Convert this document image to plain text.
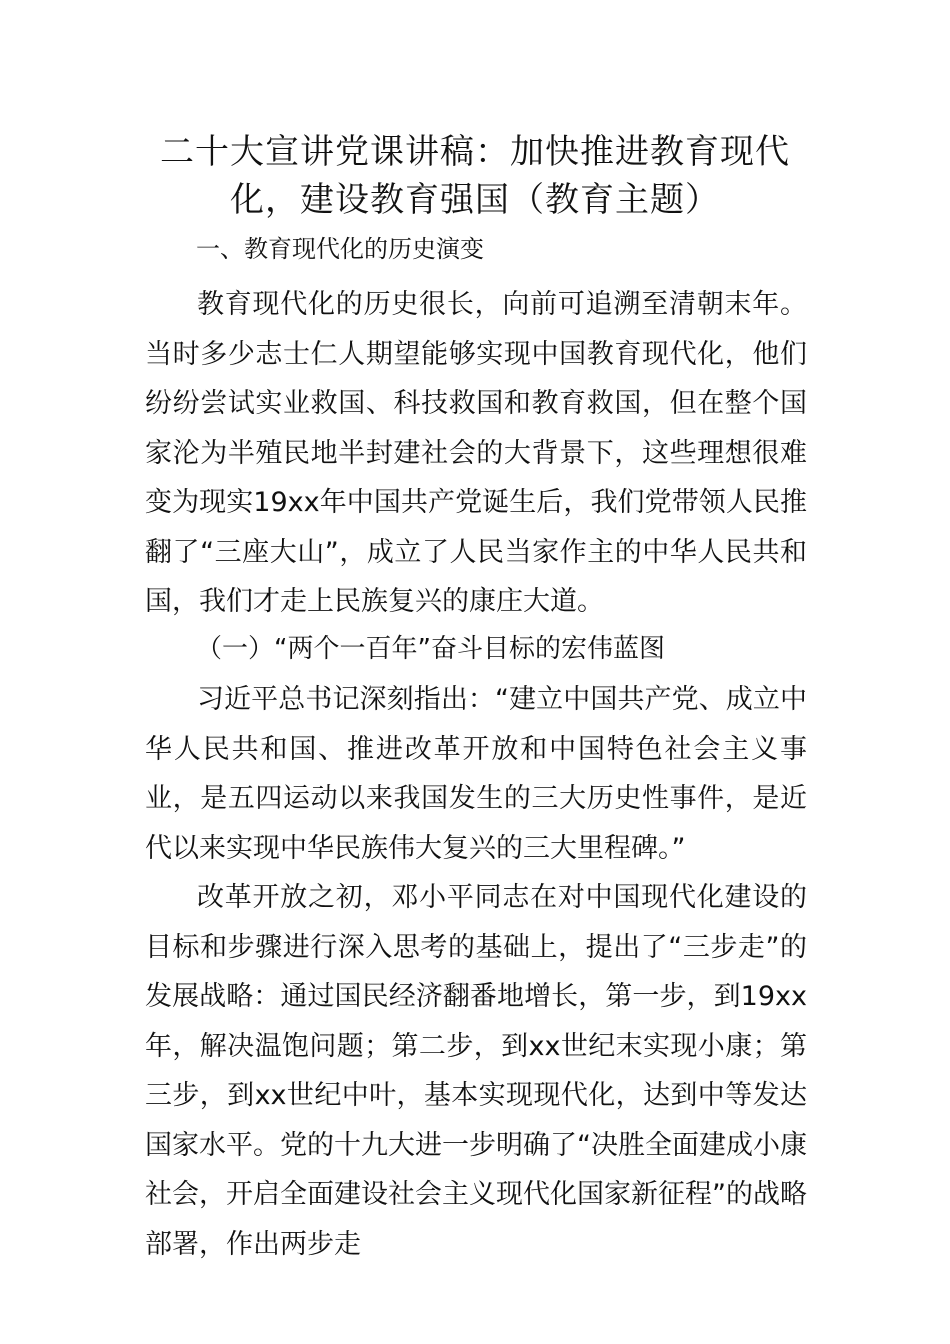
二十大宣讲党课讲稿：加快推进教育现代化，建设教育强国（教育主题）

一、教育现代化的历史演变

教育现代化的历史很长，向前可追溯至清朝末年。当时多少志士仁人期望能够实现中国教育现代化，他们纷纷尝试实业救国、科技救国和教育救国，但在整个国家沦为半殖民地半封建社会的大背景下，这些理想很难变为现实19xx年中国共产党诞生后，我们党带领人民推翻了“三座大山”，成立了人民当家作主的中华人民共和国，我们才走上民族复兴的康庄大道。

（一）“两个一百年”奋斗目标的宏伟蓝图

习近平总书记深刻指出：“建立中国共产党、成立中华人民共和国、推进改革开放和中国特色社会主义事业，是五四运动以来我国发生的三大历史性事件，是近代以来实现中华民族伟大复兴的三大里程碑。”

改革开放之初，邓小平同志在对中国现代化建设的目标和步骤进行深入思考的基础上，提出了“三步走”的发展战略：通过国民经济翻番地增长，第一步，到19xx年，解决温饱问题；第二步，到xx世纪末实现小康；第三步，到xx世纪中叶，基本实现现代化，达到中等发达国家水平。党的十九大进一步明确了“决胜全面建成小康社会，开启全面建设社会主义现代化国家新征程”的战略部署，作出两步走
